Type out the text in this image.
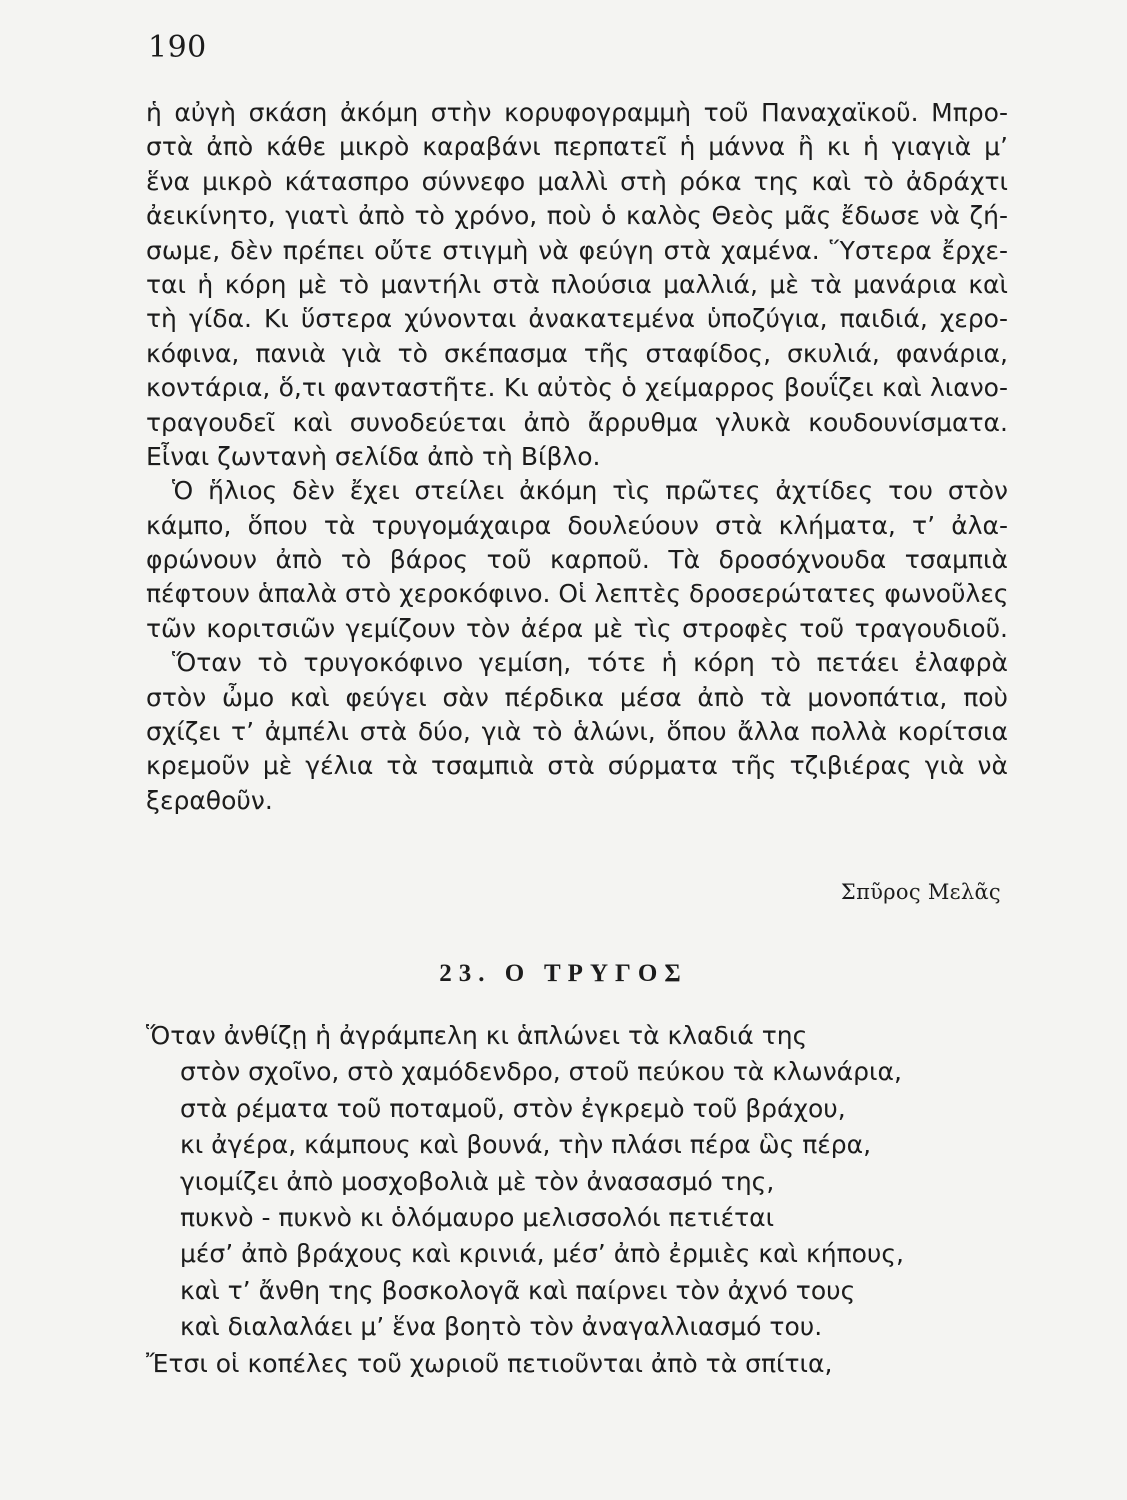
190
ἡ αὐγὴ σκάση ἀκόμη στὴν κορυφογραμμὴ τοῦ Παναχαϊκοῦ. Μπρο-
στὰ ἀπὸ κάθε μικρὸ καραβάνι περπατεῖ ἡ μάννα ἢ κι ἡ γιαγιὰ μ’
ἕνα μικρὸ κάτασπρο σύννεφο μαλλὶ στὴ ρόκα της καὶ τὸ ἀδράχτι
ἀεικίνητο, γιατὶ ἀπὸ τὸ χρόνο, ποὺ ὁ καλὸς Θεὸς μᾶς ἔδωσε νὰ ζή-
σωμε, δὲν πρέπει οὔτε στιγμὴ νὰ φεύγη στὰ χαμένα. Ὕστερα ἔρχε-
ται ἡ κόρη μὲ τὸ μαντήλι στὰ πλούσια μαλλιά, μὲ τὰ μανάρια καὶ
τὴ γίδα. Κι ὕστερα χύνονται ἀνακατεμένα ὑποζύγια, παιδιά, χερο-
κόφινα, πανιὰ γιὰ τὸ σκέπασμα τῆς σταφίδος, σκυλιά, φανάρια,
κοντάρια, ὅ,τι φανταστῆτε. Κι αὐτὸς ὁ χείμαρρος βουΐζει καὶ λιανο-
τραγουδεῖ καὶ συνοδεύεται ἀπὸ ἄρρυθμα γλυκὰ κουδουνίσματα.
Εἶναι ζωντανὴ σελίδα ἀπὸ τὴ Βίβλο.
Ὁ ἥλιος δὲν ἔχει στείλει ἀκόμη τὶς πρῶτες ἀχτίδες του στὸν
κάμπο, ὅπου τὰ τρυγομάχαιρα δουλεύουν στὰ κλήματα, τ’ ἀλα-
φρώνουν ἀπὸ τὸ βάρος τοῦ καρποῦ. Τὰ δροσόχνουδα τσαμπιὰ
πέφτουν ἁπαλὰ στὸ χεροκόφινο. Οἱ λεπτὲς δροσερώτατες φωνοῦλες
τῶν κοριτσιῶν γεμίζουν τὸν ἀέρα μὲ τὶς στροφὲς τοῦ τραγουδιοῦ.
Ὅταν τὸ τρυγοκόφινο γεμίση, τότε ἡ κόρη τὸ πετάει ἐλαφρὰ
στὸν ὦμο καὶ φεύγει σὰν πέρδικα μέσα ἀπὸ τὰ μονοπάτια, ποὺ
σχίζει τ’ ἀμπέλι στὰ δύο, γιὰ τὸ ἁλώνι, ὅπου ἄλλα πολλὰ κορίτσια
κρεμοῦν μὲ γέλια τὰ τσαμπιὰ στὰ σύρματα τῆς τζιβιέρας γιὰ νὰ
ξεραθοῦν.
Σπῦρος Μελᾶς
23. Ο ΤΡΥΓΟΣ
Ὅταν ἀνθίζῃ ἡ ἀγράμπελη κι ἁπλώνει τὰ κλαδιά της
στὸν σχοῖνο, στὸ χαμόδενδρο, στοῦ πεύκου τὰ κλωνάρια,
στὰ ρέματα τοῦ ποταμοῦ, στὸν ἐγκρεμὸ τοῦ βράχου,
κι ἀγέρα, κάμπους καὶ βουνά, τὴν πλάσι πέρα ὣς πέρα,
γιομίζει ἀπὸ μοσχοβολιὰ μὲ τὸν ἀνασασμό της,
πυκνὸ - πυκνὸ κι ὁλόμαυρο μελισσολόι πετιέται
μέσ’ ἀπὸ βράχους καὶ κρινιά, μέσ’ ἀπὸ ἐρμιὲς καὶ κήπους,
καὶ τ’ ἄνθη της βοσκολογᾶ καὶ παίρνει τὸν ἀχνό τους
καὶ διαλαλάει μ’ ἕνα βοητὸ τὸν ἀναγαλλιασμό του.
Ἔτσι οἱ κοπέλες τοῦ χωριοῦ πετιοῦνται ἀπὸ τὰ σπίτια,
